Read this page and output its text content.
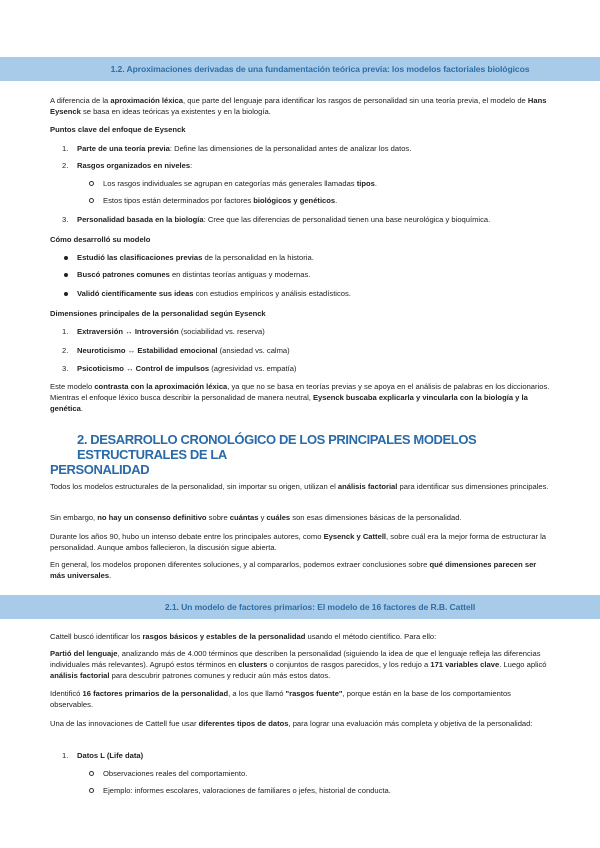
1.2. Aproximaciones derivadas de una fundamentación teórica previa: los modelos factoriales biológicos
A diferencia de la aproximación léxica, que parte del lenguaje para identificar los rasgos de personalidad sin una teoría previa, el modelo de Hans Eysenck se basa en ideas teóricas ya existentes y en la biología.
Puntos clave del enfoque de Eysenck
1. Parte de una teoría previa: Define las dimensiones de la personalidad antes de analizar los datos.
2. Rasgos organizados en niveles:
Los rasgos individuales se agrupan en categorías más generales llamadas tipos.
Estos tipos están determinados por factores biológicos y genéticos.
3. Personalidad basada en la biología: Cree que las diferencias de personalidad tienen una base neurológica y bioquímica.
Cómo desarrolló su modelo
Estudió las clasificaciones previas de la personalidad en la historia.
Buscó patrones comunes en distintas teorías antiguas y modernas.
Validó científicamente sus ideas con estudios empíricos y análisis estadísticos.
Dimensiones principales de la personalidad según Eysenck
1. Extraversión ↔ Introversión (sociabilidad vs. reserva)
2. Neuroticismo ↔ Estabilidad emocional (ansiedad vs. calma)
3. Psicoticismo ↔ Control de impulsos (agresividad vs. empatía)
Este modelo contrasta con la aproximación léxica, ya que no se basa en teorías previas y se apoya en el análisis de palabras en los diccionarios. Mientras el enfoque léxico busca describir la personalidad de manera neutral, Eysenck buscaba explicarla y vincularla con la biología y la genética.
2. DESARROLLO CRONOLÓGICO DE LOS PRINCIPALES MODELOS ESTRUCTURALES DE LA
PERSONALIDAD
Todos los modelos estructurales de la personalidad, sin importar su origen, utilizan el análisis factorial para identificar sus dimensiones principales.
Sin embargo, no hay un consenso definitivo sobre cuántas y cuáles son esas dimensiones básicas de la personalidad.
Durante los años 90, hubo un intenso debate entre los principales autores, como Eysenck y Cattell, sobre cuál era la mejor forma de estructurar la personalidad. Aunque ambos fallecieron, la discusión sigue abierta.
En general, los modelos proponen diferentes soluciones, y al compararlos, podemos extraer conclusiones sobre qué dimensiones parecen ser más universales.
2.1. Un modelo de factores primarios: El modelo de 16 factores de R.B. Cattell
Cattell buscó identificar los rasgos básicos y estables de la personalidad usando el método científico. Para ello:
Partió del lenguaje, analizando más de 4.000 términos que describen la personalidad (siguiendo la idea de que el lenguaje refleja las diferencias individuales más relevantes). Agrupó estos términos en clusters o conjuntos de rasgos parecidos, y los redujo a 171 variables clave. Luego aplicó análisis factorial para descubrir patrones comunes y reducir aún más estos datos.
Identificó 16 factores primarios de la personalidad, a los que llamó "rasgos fuente", porque están en la base de los comportamientos observables.
Una de las innovaciones de Cattell fue usar diferentes tipos de datos, para lograr una evaluación más completa y objetiva de la personalidad:
1. Datos L (Life data)
Observaciones reales del comportamiento.
Ejemplo: informes escolares, valoraciones de familiares o jefes, historial de conducta.
